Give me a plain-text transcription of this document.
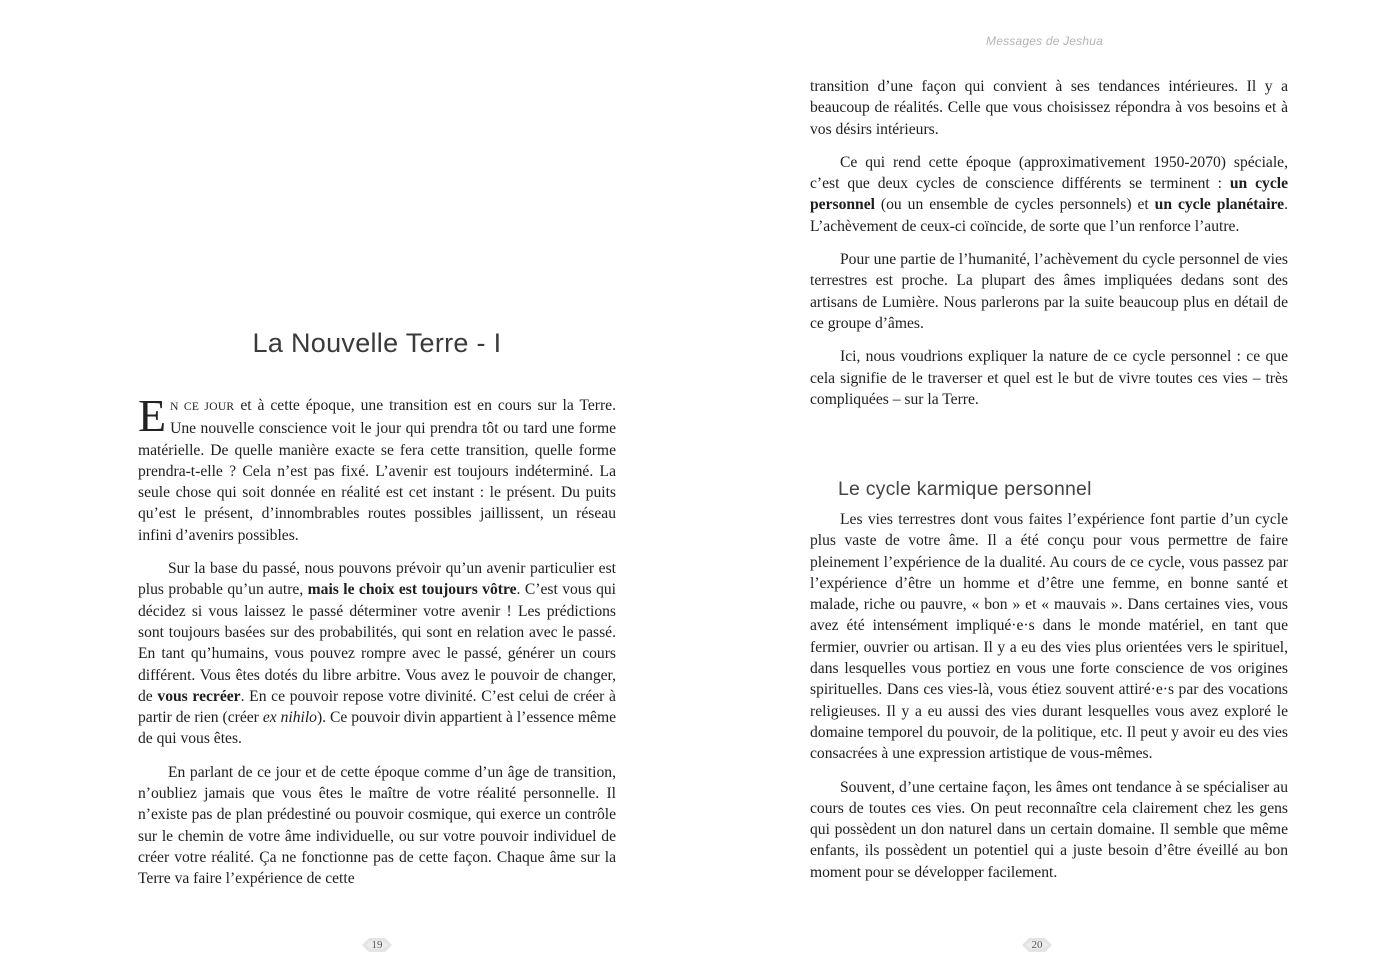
La Nouvelle Terre - I

E N CE JOUR et à cette époque, une transition est en cours sur la Terre. Une nouvelle conscience voit le jour qui prendra tôt ou tard une forme matérielle. De quelle manière exacte se fera cette transition, quelle forme prendra-t-elle ? Cela n’est pas fixé. L’avenir est toujours indéterminé. La seule chose qui soit donnée en réalité est cet instant : le présent. Du puits qu’est le présent, d’innombrables routes possibles jaillissent, un réseau infini d’avenirs possibles.

Sur la base du passé, nous pouvons prévoir qu’un avenir particulier est plus probable qu’un autre, mais le choix est toujours vôtre. C’est vous qui décidez si vous laissez le passé déterminer votre avenir ! Les prédictions sont toujours basées sur des probabilités, qui sont en relation avec le passé. En tant qu’humains, vous pouvez rompre avec le passé, générer un cours différent. Vous êtes dotés du libre arbitre. Vous avez le pouvoir de changer, de vous recréer. En ce pouvoir repose votre divinité. C’est celui de créer à partir de rien (créer ex nihilo). Ce pouvoir divin appartient à l’essence même de qui vous êtes.

En parlant de ce jour et de cette époque comme d’un âge de transition, n’oubliez jamais que vous êtes le maître de votre réalité personnelle. Il n’existe pas de plan prédestiné ou pouvoir cosmique, qui exerce un contrôle sur le chemin de votre âme individuelle, ou sur votre pouvoir individuel de créer votre réalité. Ça ne fonctionne pas de cette façon. Chaque âme sur la Terre va faire l’expérience de cette

19
Messages de Jeshua

transition d’une façon qui convient à ses tendances intérieures. Il y a beaucoup de réalités. Celle que vous choisissez répondra à vos besoins et à vos désirs intérieurs.

Ce qui rend cette époque (approximativement 1950-2070) spéciale, c’est que deux cycles de conscience différents se terminent : un cycle personnel (ou un ensemble de cycles personnels) et un cycle planétaire. L’achèvement de ceux-ci coïncide, de sorte que l’un renforce l’autre.

Pour une partie de l’humanité, l’achèvement du cycle personnel de vies terrestres est proche. La plupart des âmes impliquées dedans sont des artisans de Lumière. Nous parlerons par la suite beaucoup plus en détail de ce groupe d’âmes.

Ici, nous voudrions expliquer la nature de ce cycle personnel : ce que cela signifie de le traverser et quel est le but de vivre toutes ces vies – très compliquées – sur la Terre.

Le cycle karmique personnel

Les vies terrestres dont vous faites l’expérience font partie d’un cycle plus vaste de votre âme. Il a été conçu pour vous permettre de faire pleinement l’expérience de la dualité. Au cours de ce cycle, vous passez par l’expérience d’être un homme et d’être une femme, en bonne santé et malade, riche ou pauvre, « bon » et « mauvais ». Dans certaines vies, vous avez été intensément impliqué·e·s dans le monde matériel, en tant que fermier, ouvrier ou artisan. Il y a eu des vies plus orientées vers le spirituel, dans lesquelles vous portiez en vous une forte conscience de vos origines spirituelles. Dans ces vies-là, vous étiez souvent attiré·e·s par des vocations religieuses. Il y a eu aussi des vies durant lesquelles vous avez exploré le domaine temporel du pouvoir, de la politique, etc. Il peut y avoir eu des vies consacrées à une expression artistique de vous-mêmes.

Souvent, d’une certaine façon, les âmes ont tendance à se spécialiser au cours de toutes ces vies. On peut reconnaître cela clairement chez les gens qui possèdent un don naturel dans un certain domaine. Il semble que même enfants, ils possèdent un potentiel qui a juste besoin d’être éveillé au bon moment pour se développer facilement.

20
